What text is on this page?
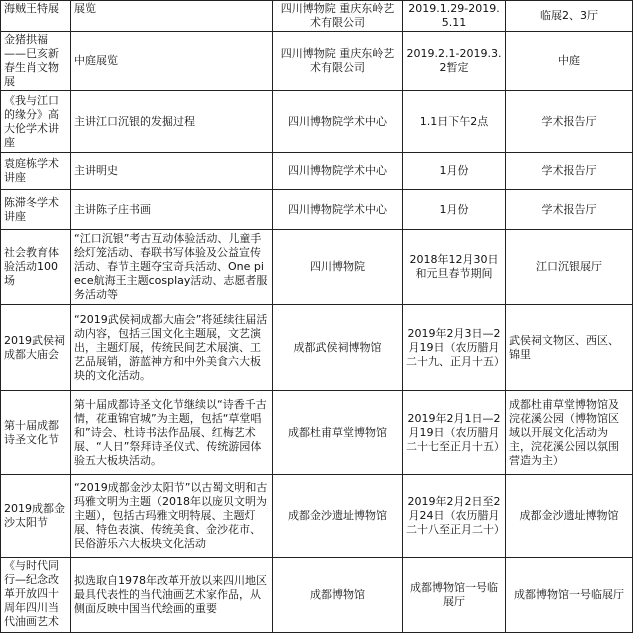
海贼王特展	展览	四川博物院 重庆东岭艺术有限公司	2019.1.29-2019.5.11	临展2、3厅
金猪拱福——巳亥新春生肖文物展	中庭展览	四川博物院 重庆东岭艺术有限公司	2019.2.1-2019.3.2暂定	中庭
《我与江口的缘分》高大伦学术讲座	主讲江口沉银的发掘过程	四川博物院学术中心	1.1日下午2点	学术报告厅
袁庭栋学术讲座	主讲明史	四川博物院学术中心	1月份	学术报告厅
陈滞冬学术讲座	主讲陈子庄书画	四川博物院学术中心	1月份	学术报告厅
社会教育体验活动100场	“江口沉银”考古互动体验活动、儿童手绘灯笼活动、春联书写体验及公益宣传活动、春节主题夺宝奇兵活动、One piece航海王主题cosplay活动、志愿者服务活动等	四川博物院	2018年12月30日和元旦春节期间	江口沉银展厅
2019武侯祠成都大庙会	“2019武侯祠成都大庙会”将延续往届活动内容，包括三国文化主题展，文艺演出，主题灯展，传统民间艺术展演、工艺品展销，游蓝神方和中外美食六大板块的文化活动。	成都武侯祠博物馆	2019年2月3日—2月19日（农历腊月二十九、正月十五）	武侯祠文物区、西区、锦里
第十届成都诗圣文化节	第十届成都诗圣文化节继续以“诗香千古情，花重锦官城”为主题，包括“草堂唱和”诗会、杜诗书法作品展、红梅艺术展、“人日”祭拜诗圣仪式、传统游园体验五大板块活动。	成都杜甫草堂博物馆	2019年2月1日—2月19日（农历腊月二十七至正月十五）	成都杜甫草堂博物馆及浣花溪公园（博物馆区域以开展文化活动为主，浣花溪公园以氛围营造为主）
2019成都金沙太阳节	“2019成都金沙太阳节”以古蜀文明和古玛雅文明为主题（2018年以庞贝文明为主题），包括古玛雅文明特展、主题灯展、特色表演、传统美食、金沙花市、民俗游乐六大板块文化活动	成都金沙遗址博物馆	2019年2月2日至2月24日（农历腊月二十八至正月二十）	成都金沙遗址博物馆
《与时代同行—纪念改革开放四十周年四川当代油画艺术	拟选取自1978年改革开放以来四川地区最具代表性的当代油画艺术家作品，从侧面反映中国当代绘画的重要	成都博物馆	成都博物馆一号临展厅	成都博物馆一号临展厅
